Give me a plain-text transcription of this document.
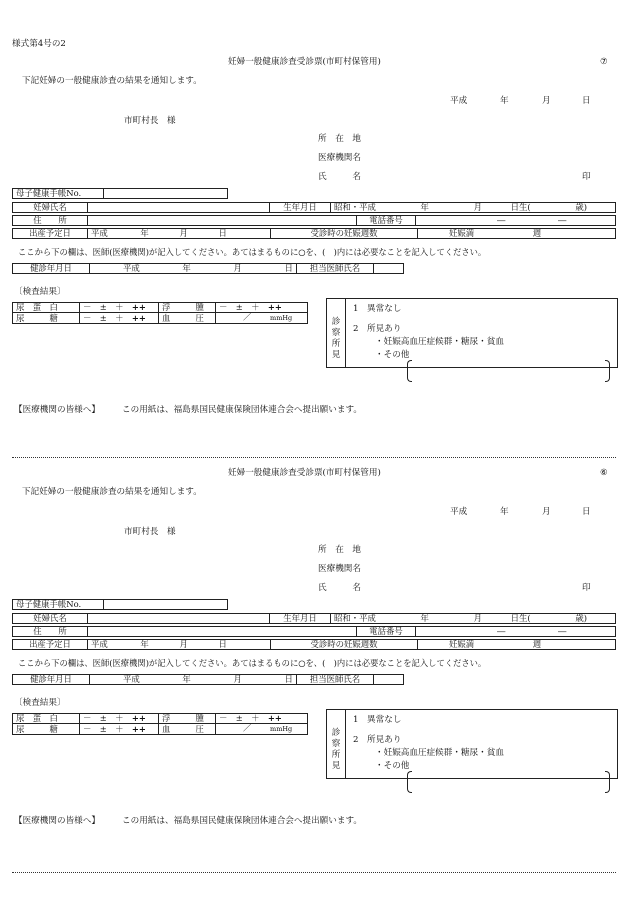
様式第4号の2
妊婦一般健康診査受診票(市町村保管用)	⑦
下記妊婦の一般健康診査の結果を通知します。
平成	年	月	日
市町村長　様
所　在　地
医療機関名
氏　　　名	印
母子健康手帳No.	
妊婦氏名		生年月日	昭和・平成	年	月	日生(	歳)
住　　所		電話番号	―	―
出産予定日	平成	年	月	日	受診時の妊娠週数	妊娠満	週
ここから下の欄は、医師(医療機関)が記入してください。あてはまるものに○を、(　)内には必要なことを記入してください。
健診年月日	平成	年	月	日	担当医師氏名	
〔検査結果〕
尿　蛋　白	－　±　＋　++	浮　　　腫	－　±　＋　++
尿　　　糖	－　±　＋　++	血　　　圧	／ mmHg	診察所見
1　異常なし
2　所見あり
・妊娠高血圧症候群・糖尿・貧血
・その他
【医療機関の皆様へ】	この用紙は、福島県国民健康保険団体連合会へ提出願います。
妊婦一般健康診査受診票(市町村保管用)	⑥
下記妊婦の一般健康診査の結果を通知します。
平成	年	月	日
市町村長　様
所　在　地
医療機関名
氏　　　名	印
母子健康手帳No.	
妊婦氏名		生年月日	昭和・平成	年	月	日生(	歳)
住　　所		電話番号	―	―
出産予定日	平成	年	月	日	受診時の妊娠週数	妊娠満	週
ここから下の欄は、医師(医療機関)が記入してください。あてはまるものに○を、(　)内には必要なことを記入してください。
健診年月日	平成	年	月	日	担当医師氏名	
〔検査結果〕
尿　蛋　白	－　±　＋　++	浮　　　腫	－　±　＋　++
尿　　　糖	－　±　＋　++	血　　　圧	／ mmHg	診察所見
1　異常なし
2　所見あり
・妊娠高血圧症候群・糖尿・貧血
・その他
【医療機関の皆様へ】	この用紙は、福島県国民健康保険団体連合会へ提出願います。
